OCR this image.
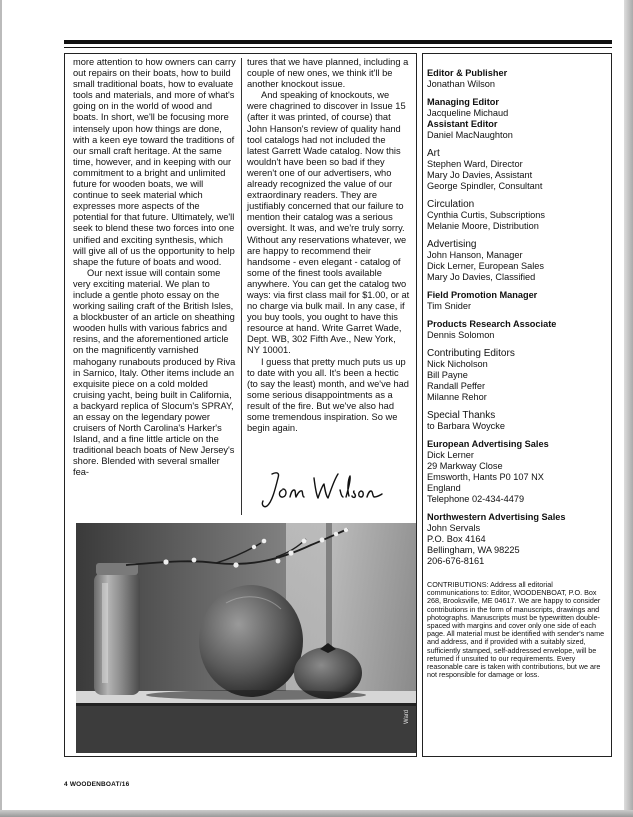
more attention to how owners can carry out repairs on their boats, how to build small traditional boats, how to evaluate tools and materials, and more of what's going on in the world of wood and boats. In short, we'll be focusing more intensely upon how things are done, with a keen eye toward the traditions of our small craft heritage. At the same time, however, and in keeping with our commitment to a bright and unlimited future for wooden boats, we will continue to seek material which expresses more aspects of the potential for that future. Ultimately, we'll seek to blend these two forces into one unified and exciting synthesis, which will give all of us the opportunity to help shape the future of boats and wood.

Our next issue will contain some very exciting material. We plan to include a gentle photo essay on the working sailing craft of the British Isles, a blockbuster of an article on sheathing wooden hulls with various fabrics and resins, and the aforementioned article on the magnificently varnished mahogany runabouts produced by Riva in Sarnico, Italy. Other items include an exquisite piece on a cold molded cruising yacht, being built in California, a backyard replica of Slocum's SPRAY, an essay on the legendary power cruisers of North Carolina's Harker's Island, and a fine little article on the traditional beach boats of New Jersey's shore. Blended with several smaller fea-

tures that we have planned, including a couple of new ones, we think it'll be another knockout issue.

And speaking of knockouts, we were chagrined to discover in Issue 15 (after it was printed, of course) that John Hanson's review of quality hand tool catalogs had not included the latest Garrett Wade catalog. Now this wouldn't have been so bad if they weren't one of our advertisers, who already recognized the value of our extraordinary readers. They are justifiably concerned that our failure to mention their catalog was a serious oversight. It was, and we're truly sorry. Without any reservations whatever, we are happy to recommend their handsome - even elegant - catalog of some of the finest tools available anywhere. You can get the catalog two ways: via first class mail for $1.00, or at no charge via bulk mail. In any case, if you buy tools, you ought to have this resource at hand. Write Garret Wade, Dept. WB, 302 Fifth Ave., New York, NY 10001.

I guess that pretty much puts us up to date with you all. It's been a hectic (to say the least) month, and we've had some serious disappointments as a result of the fire. But we've also had some tremendous inspiration. So we begin again.

Ward
Editor & Publisher
Jonathan Wilson
Managing Editor
Jacqueline Michaud
Assistant Editor
Daniel MacNaughton
Art
Stephen Ward, Director
Mary Jo Davies, Assistant
George Spindler, Consultant
Circulation
Cynthia Curtis, Subscriptions
Melanie Moore, Distribution
Advertising
John Hanson, Manager
Dick Lerner, European Sales
Mary Jo Davies, Classified
Field Promotion Manager
Tim Snider
Products Research Associate
Dennis Solomon
Contributing Editors
Nick Nicholson
Bill Payne
Randall Peffer
Milanne Rehor
Special Thanks
to Barbara Woycke
European Advertising Sales
Dick Lerner
29 Markway Close
Emsworth, Hants P0 107 NX
England
Telephone 02-434-4479
Northwestern Advertising Sales
John Servals
P.O. Box 4164
Bellingham, WA 98225
206-676-8161
CONTRIBUTIONS: Address all editorial communications to: Editor, WOODENBOAT, P.O. Box 268, Brooksville, ME 04617. We are happy to consider contributions in the form of manuscripts, drawings and photographs. Manuscripts must be typewritten double-spaced with margins and cover only one side of each page. All material must be identified with sender's name and address, and if provided with a suitably sized, sufficiently stamped, self-addressed envelope, will be returned if unsuited to our requirements. Every reasonable care is taken with contributions, but we are not responsible for damage or loss.
4 WOODENBOAT/16
